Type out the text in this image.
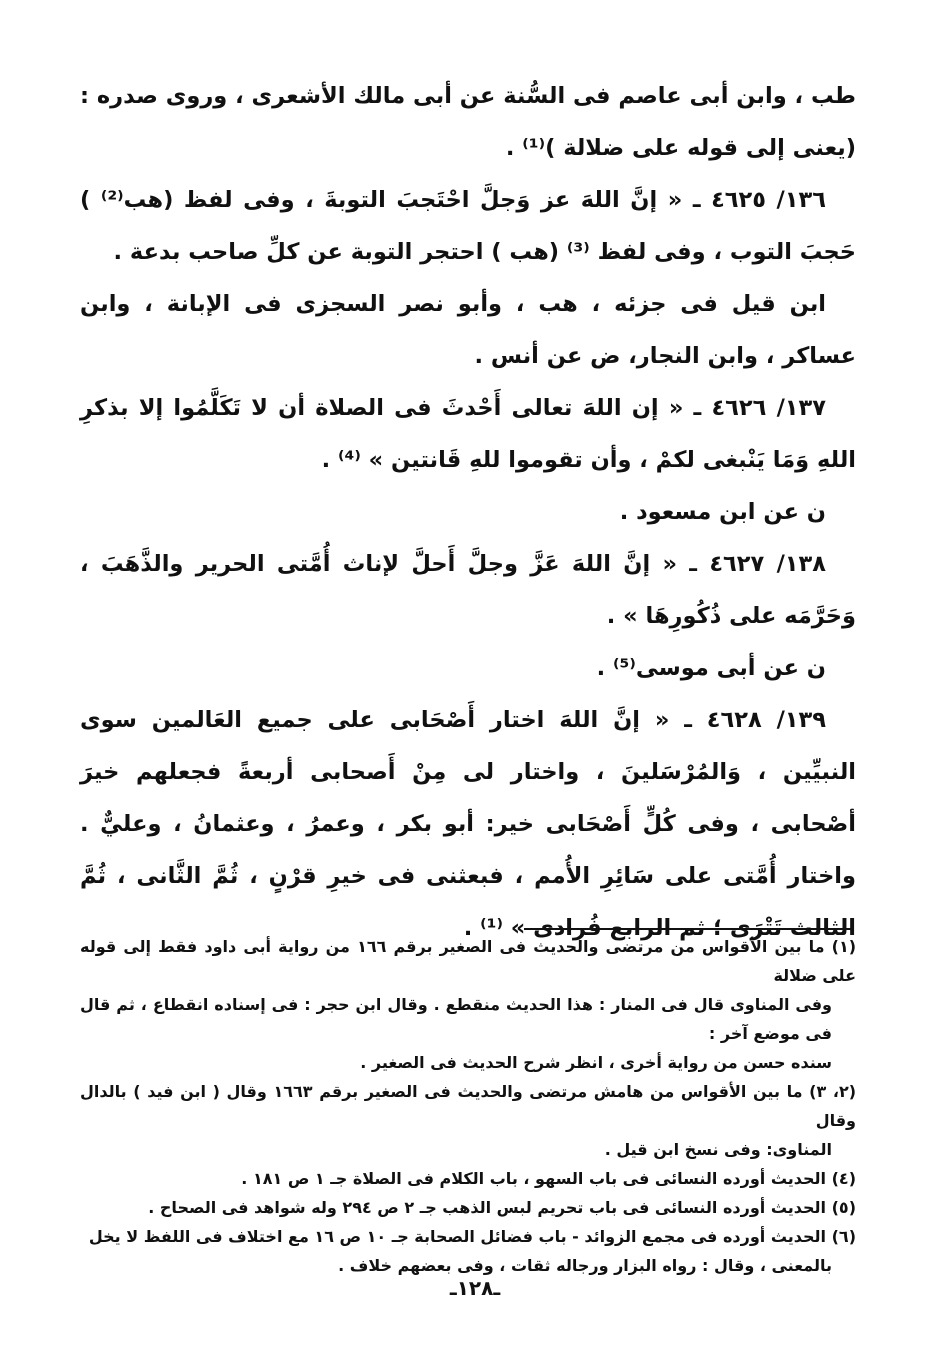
طب ، وابن أبى عاصم فى السُّنة عن أبى مالك الأشعرى ، وروى صدره : (يعنى إلى قوله على ضلالة )⁽¹⁾ .

١٣٦/ ٤٦٢٥ ـ « إنَّ اللهَ عز وَجلَّ احْتَجبَ التوبةَ ، وفى لفظ (هب⁽²⁾ ) حَجبَ التوب ، وفى لفظ ⁽³⁾ (هب ) احتجر التوبة عن كلِّ صاحب بدعة .

ابن قيل فى جزئه ، هب ، وأبو نصر السجزى فى الإبانة ، وابن عساكر ، وابن النجار، ض عن أنس .

١٣٧/ ٤٦٢٦ ـ « إن اللهَ تعالى أَحْدثَ فى الصلاة أن لا تَكَلَّمُوا إلا بذكرِ اللهِ وَمَا يَنْبغى لكمْ ، وأن تقوموا للهِ قَانتين » ⁽⁴⁾ .

ن عن ابن مسعود .

١٣٨/ ٤٦٢٧ ـ « إنَّ اللهَ عَزَّ وجلَّ أَحلَّ لإناث أُمَّتى الحرير والذَّهَبَ ، وَحَرَّمَه على ذُكُورِهَا » .

ن عن أبى موسى⁽⁵⁾ .

١٣٩/ ٤٦٢٨ ـ « إنَّ اللهَ اختار أَصْحَابى على جميع العَالمين سوى النبيِّين ، وَالمُرْسَلينَ ، واختار لى مِنْ أَصحابى أربعةً فجعلهم خيرَ أصْحابى ، وفى كُلٍّ أَصْحَابى خير: أبو بكر ، وعمرُ ، وعثمانُ ، وعليٌّ . واختار أُمَّتى على سَائِرِ الأُمم ، فبعثنى فى خيرِ قرْنٍ ، ثُمَّ الثَّانى ، ثُمَّ الثالث تَتْرَى ؛ ثم الرابع فُرادى » ⁽¹⁾ .

(١) ما بين الأقواس من مرتضى والحديث فى الصغير برقم ١٦٦ من رواية أبى داود فقط إلى قوله على ضلالة

وفى المناوى قال فى المنار : هذا الحديث منقطع . وقال ابن حجر : فى إسناده انقطاع ، ثم قال فى موضع آخر :

سنده حسن من رواية أخرى ، انظر شرح الحديث فى الصغير .

(٢، ٣) ما بين الأقواس من هامش مرتضى والحديث فى الصغير برقم ١٦٦٣ وقال ( ابن فيد ) بالدال وقال

المناوى: وفى نسخ ابن قيل .

(٤) الحديث أورده النسائى فى باب السهو ، باب الكلام فى الصلاة جـ ١ ص ١٨١ .

(٥) الحديث أورده النسائى فى باب تحريم لبس الذهب جـ ٢ ص ٢٩٤ وله شواهد فى الصحاح .

(٦) الحديث أورده فى مجمع الزوائد - باب فضائل الصحابة جـ ١٠ ص ١٦ مع اختلاف فى اللفظ لا يخل

بالمعنى ، وقال : رواه البزار ورجاله ثقات ، وفى بعضهم خلاف .

ـ١٢٨ـ
